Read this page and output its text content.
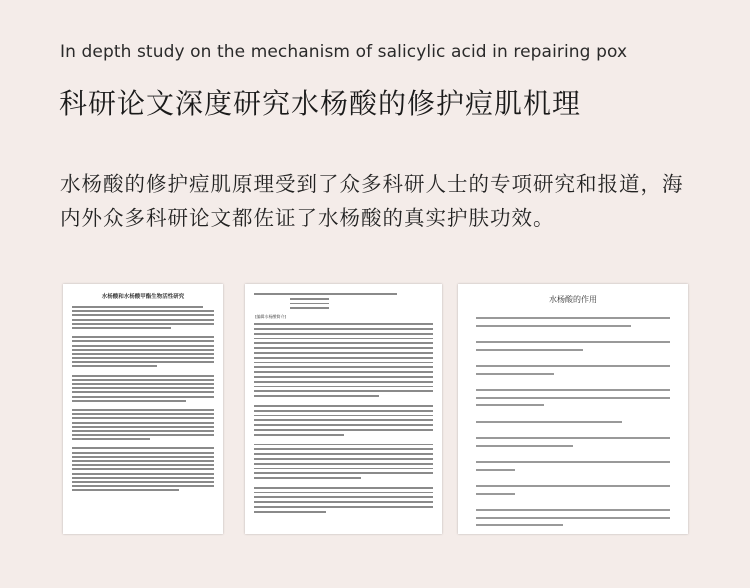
In depth study on the mechanism of salicylic acid in repairing pox
科研论文深度研究水杨酸的修护痘肌机理
水杨酸的修护痘肌原理受到了众多科研人士的专项研究和报道，海内外众多科研论文都佐证了水杨酸的真实护肤功效。
水杨酸和水杨酸甲酯生物活性研究
[编辑水杨酸简介]
水杨酸的作用
